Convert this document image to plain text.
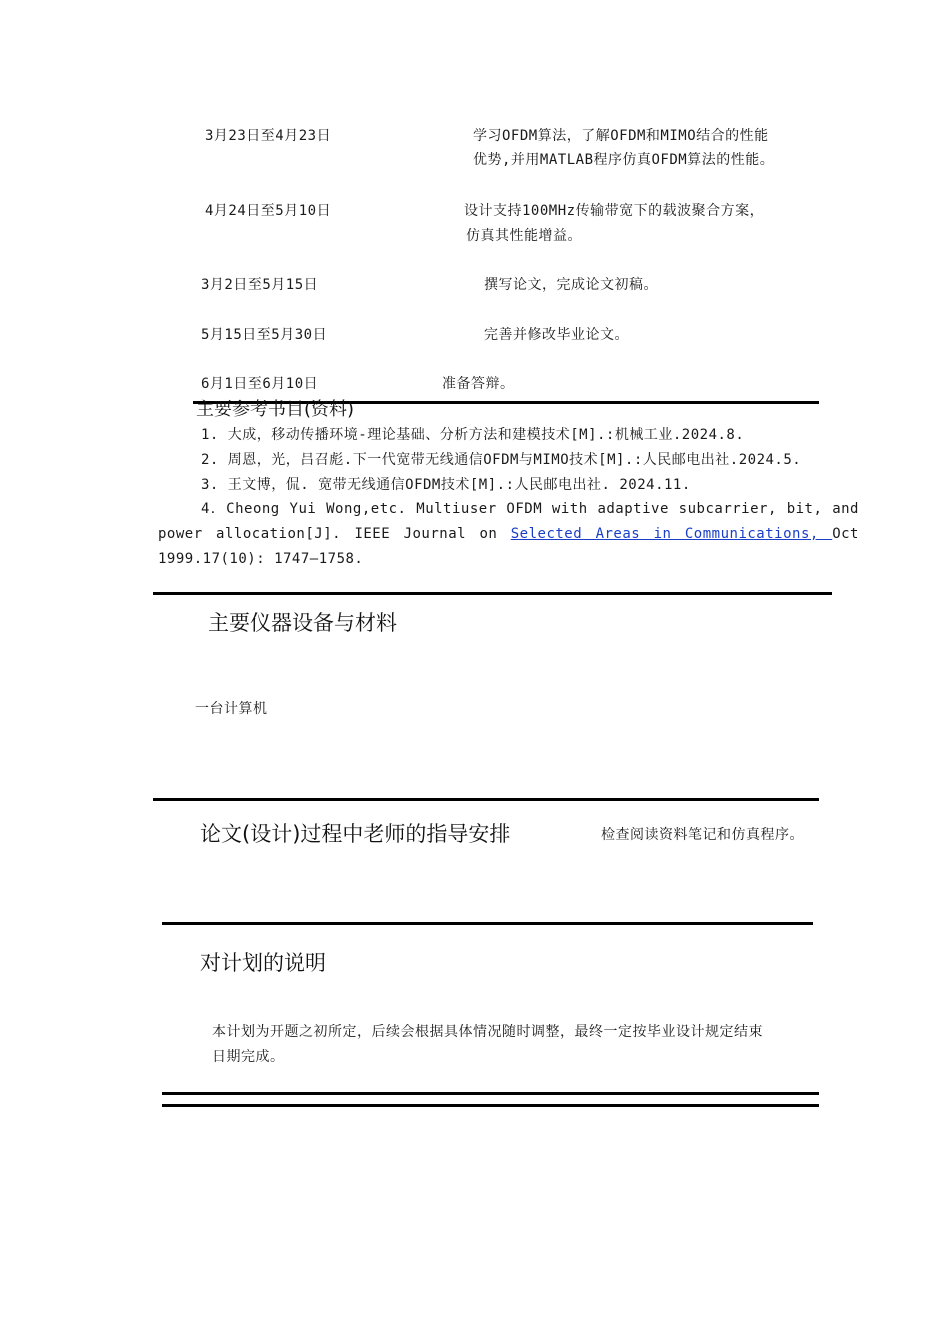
3月23日至4月23日	学习OFDM算法，了解OFDM和MIMO结合的性能
优势,并用MATLAB程序仿真OFDM算法的性能。
4月24日至5月10日	设计支持100MHz传输带宽下的载波聚合方案，
仿真其性能增益。
3月2日至5月15日	撰写论文，完成论文初稿。
5月15日至5月30日	完善并修改毕业论文。
6月1日至6月10日	准备答辩。
主要参考书目(资料)
1. 大成，移动传播环境-理论基础、分析方法和建模技术[M].:机械工业.2024.8.
2. 周恩，光，吕召彪.下一代宽带无线通信OFDM与MIMO技术[M].:人民邮电出社.2024.5.
3. 王文博，侃. 宽带无线通信OFDM技术[M].:人民邮电出社. 2024.11.
4．Cheong Yui Wong,etc. Multiuser OFDM with adaptive subcarrier, bit, and
power allocation[J]. IEEE Journal on Selected Areas in Communications, Oct
1999.17(10): 1747–1758.
主要仪器设备与材料
一台计算机
论文(设计)过程中老师的指导安排	检查阅读资料笔记和仿真程序。
对计划的说明
本计划为开题之初所定，后续会根据具体情况随时调整，最终一定按毕业设计规定结束
日期完成。
